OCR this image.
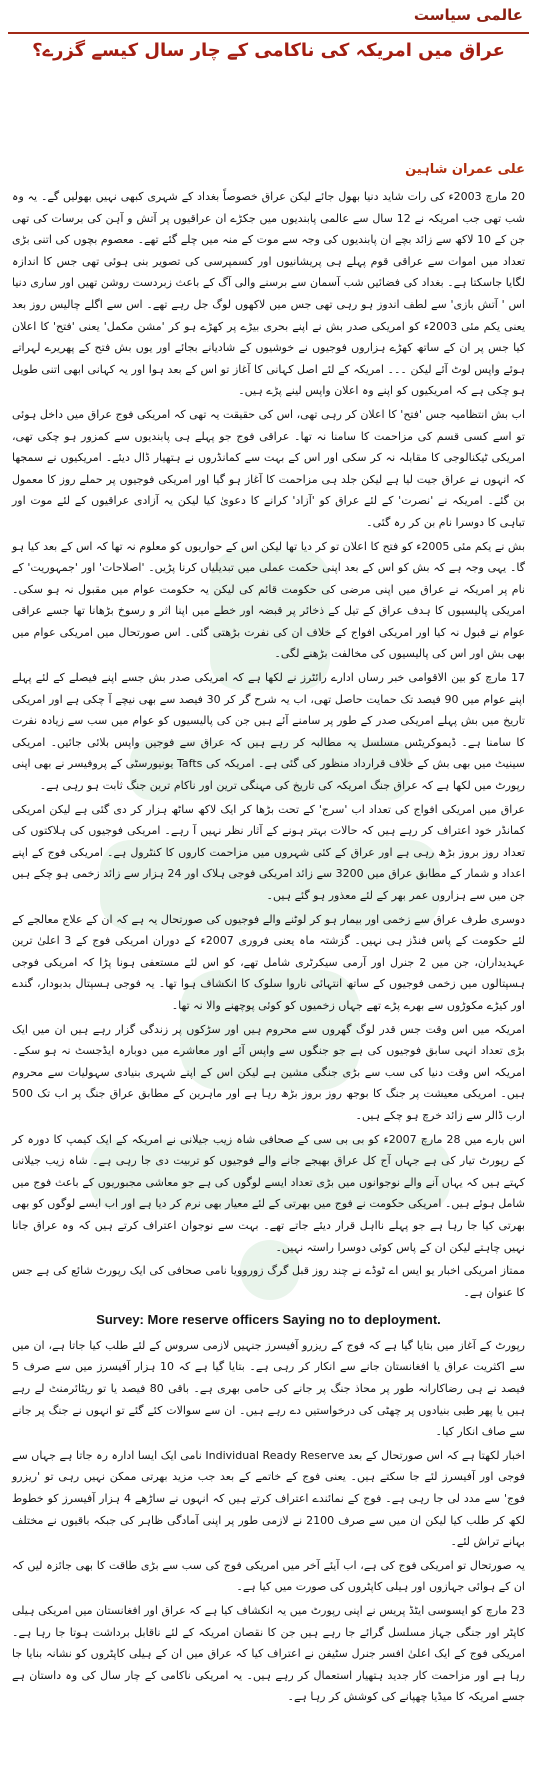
عالمی سیاست
عراق میں امریکہ کی ناکامی کے چار سال کیسے گزرے؟
علی عمران شاہین

20 مارچ 2003ء کی رات شاید دنیا بھول جائے لیکن عراق خصوصاً بغداد کے شہری کبھی نہیں بھولیں گے۔ یہ وہ شب تھی جب امریکہ نے 12 سال سے عالمی پابندیوں میں جکڑے ان عراقیوں پر آتش و آہن کی برسات کی تھی جن کے 10 لاکھ سے زائد بچے ان پابندیوں کی وجہ سے موت کے منہ میں چلے گئے تھے۔ معصوم بچوں کی اتنی بڑی تعداد میں اموات سے عراقی قوم پہلے ہی پریشانیوں اور کسمپرسی کی تصویر بنی ہوئی تھی جس کا اندازہ لگایا جاسکتا ہے۔ بغداد کی فضائیں شب آسمان سے برسنے والی آگ کے باعث زبردست روشن تھیں اور ساری دنیا اس ' آتش بازی' سے لطف اندوز ہو رہی تھی جس میں لاکھوں لوگ جل رہے تھے۔ اس سے اگلے چالیس روز بعد یعنی یکم مئی 2003ء کو امریکی صدر بش نے اپنے بحری بیڑے پر کھڑے ہو کر 'مشن مکمل' یعنی 'فتح' کا اعلان کیا جس پر ان کے ساتھ کھڑے ہزاروں فوجیوں نے خوشیوں کے شادیانے بجائے اور یوں بش فتح کے پھریرے لہراتے ہوئے واپس لوٹ آئے لیکن ۔۔۔ امریکہ کے لئے اصل کہانی کا آغاز تو اس کے بعد ہوا اور یہ کہانی ابھی اتنی طویل ہو چکی ہے کہ امریکیوں کو اپنے وہ اعلان واپس لینے پڑے ہیں۔

اب بش انتظامیہ جس 'فتح' کا اعلان کر رہی تھی، اس کی حقیقت یہ تھی کہ امریکی فوج عراق میں داخل ہوئی تو اسے کسی قسم کی مزاحمت کا سامنا نہ تھا۔ عراقی فوج جو پہلے ہی پابندیوں سے کمزور ہو چکی تھی، امریکی ٹیکنالوجی کا مقابلہ نہ کر سکی اور اس کے بہت سے کمانڈروں نے ہتھیار ڈال دیئے۔ امریکیوں نے سمجھا کہ انہوں نے عراق جیت لیا ہے لیکن جلد ہی مزاحمت کا آغاز ہو گیا اور امریکی فوجیوں پر حملے روز کا معمول بن گئے۔ امریکہ نے 'نصرت' کے لئے عراق کو 'آزاد' کرانے کا دعویٰ کیا لیکن یہ آزادی عراقیوں کے لئے موت اور تباہی کا دوسرا نام بن کر رہ گئی۔

بش نے یکم مئی 2005ء کو فتح کا اعلان تو کر دیا تھا لیکن اس کے حواریوں کو معلوم نہ تھا کہ اس کے بعد کیا ہو گا۔ یہی وجہ ہے کہ بش کو اس کے بعد اپنی حکمت عملی میں تبدیلیاں کرنا پڑیں۔ 'اصلاحات' اور 'جمہوریت' کے نام پر امریکہ نے عراق میں اپنی مرضی کی حکومت قائم کی لیکن یہ حکومت عوام میں مقبول نہ ہو سکی۔ امریکی پالیسیوں کا ہدف عراق کے تیل کے ذخائر پر قبضہ اور خطے میں اپنا اثر و رسوخ بڑھانا تھا جسے عراقی عوام نے قبول نہ کیا اور امریکی افواج کے خلاف ان کی نفرت بڑھتی گئی۔ اس صورتحال میں امریکی عوام میں بھی بش اور اس کی پالیسیوں کی مخالفت بڑھنے لگی۔

17 مارچ کو بین الاقوامی خبر رساں ادارے رائٹرز نے لکھا ہے کہ امریکی صدر بش جسے اپنے فیصلے کے لئے پہلے اپنے عوام میں 90 فیصد تک حمایت حاصل تھی، اب یہ شرح گر کر 30 فیصد سے بھی نیچے آ چکی ہے اور امریکی تاریخ میں بش پہلے امریکی صدر کے طور پر سامنے آئے ہیں جن کی پالیسیوں کو عوام میں سب سے زیادہ نفرت کا سامنا ہے۔ ڈیموکریٹس مسلسل یہ مطالبہ کر رہے ہیں کہ عراق سے فوجیں واپس بلائی جائیں۔ امریکی سینیٹ میں بھی بش کے خلاف قرارداد منظور کی گئی ہے۔ امریکہ کی Tafts یونیورسٹی کے پروفیسر نے بھی اپنی رپورٹ میں لکھا ہے کہ عراق جنگ امریکہ کی تاریخ کی مہنگی ترین اور ناکام ترین جنگ ثابت ہو رہی ہے۔

عراق میں امریکی افواج کی تعداد اب 'سرج' کے تحت بڑھا کر ایک لاکھ ساٹھ ہزار کر دی گئی ہے لیکن امریکی کمانڈر خود اعتراف کر رہے ہیں کہ حالات بہتر ہونے کے آثار نظر نہیں آ رہے۔ امریکی فوجیوں کی ہلاکتوں کی تعداد روز بروز بڑھ رہی ہے اور عراق کے کئی شہروں میں مزاحمت کاروں کا کنٹرول ہے۔ امریکی فوج کے اپنے اعداد و شمار کے مطابق عراق میں 3200 سے زائد امریکی فوجی ہلاک اور 24 ہزار سے زائد زخمی ہو چکے ہیں جن میں سے ہزاروں عمر بھر کے لئے معذور ہو گئے ہیں۔

دوسری طرف عراق سے زخمی اور بیمار ہو کر لوٹنے والے فوجیوں کی صورتحال یہ ہے کہ ان کے علاج معالجے کے لئے حکومت کے پاس فنڈز ہی نہیں۔ گزشتہ ماہ یعنی فروری 2007ء کے دوران امریکی فوج کے 3 اعلیٰ ترین عہدیداران، جن میں 2 جنرل اور آرمی سیکرٹری شامل تھے، کو اس لئے مستعفی ہونا پڑا کہ امریکی فوجی ہسپتالوں میں زخمی فوجیوں کے ساتھ انتہائی ناروا سلوک کا انکشاف ہوا تھا۔ یہ فوجی ہسپتال بدبودار، گندے اور کیڑے مکوڑوں سے بھرے پڑے تھے جہاں زخمیوں کو کوئی پوچھنے والا نہ تھا۔

امریکہ میں اس وقت جس قدر لوگ گھروں سے محروم ہیں اور سڑکوں پر زندگی گزار رہے ہیں ان میں ایک بڑی تعداد انہی سابق فوجیوں کی ہے جو جنگوں سے واپس آئے اور معاشرے میں دوبارہ ایڈجسٹ نہ ہو سکے۔ امریکہ اس وقت دنیا کی سب سے بڑی جنگی مشین ہے لیکن اس کے اپنے شہری بنیادی سہولیات سے محروم ہیں۔ امریکی معیشت پر جنگ کا بوجھ روز بروز بڑھ رہا ہے اور ماہرین کے مطابق عراق جنگ پر اب تک 500 ارب ڈالر سے زائد خرچ ہو چکے ہیں۔

اس بارے میں 28 مارچ 2007ء کو بی بی سی کے صحافی شاہ زیب جیلانی نے امریکہ کے ایک کیمپ کا دورہ کر کے رپورٹ تیار کی ہے جہاں آج کل عراق بھیجے جانے والے فوجیوں کو تربیت دی جا رہی ہے۔ شاہ زیب جیلانی کہتے ہیں کہ یہاں آنے والے نوجوانوں میں بڑی تعداد ایسے لوگوں کی ہے جو معاشی مجبوریوں کے باعث فوج میں شامل ہوئے ہیں۔ امریکی حکومت نے فوج میں بھرتی کے لئے معیار بھی نرم کر دیا ہے اور اب ایسے لوگوں کو بھی بھرتی کیا جا رہا ہے جو پہلے نااہل قرار دیئے جاتے تھے۔ بہت سے نوجوان اعتراف کرتے ہیں کہ وہ عراق جانا نہیں چاہتے لیکن ان کے پاس کوئی دوسرا راستہ نہیں۔

ممتاز امریکی اخبار یو ایس اے ٹوڈے نے چند روز قبل گرگ زوروویا نامی صحافی کی ایک رپورٹ شائع کی ہے جس کا عنوان ہے۔

Survey: More reserve officers Saying no to deployment.

رپورٹ کے آغاز میں بتایا گیا ہے کہ فوج کے ریزرو آفیسرز جنہیں لازمی سروس کے لئے طلب کیا جاتا ہے، ان میں سے اکثریت عراق یا افغانستان جانے سے انکار کر رہی ہے۔ بتایا گیا ہے کہ 10 ہزار آفیسرز میں سے صرف 5 فیصد نے ہی رضاکارانہ طور پر محاذ جنگ پر جانے کی حامی بھری ہے۔ باقی 80 فیصد یا تو ریٹائرمنٹ لے رہے ہیں یا پھر طبی بنیادوں پر چھٹی کی درخواستیں دے رہے ہیں۔ ان سے سوالات کئے گئے تو انہوں نے جنگ پر جانے سے صاف انکار کیا۔

اخبار لکھتا ہے کہ اس صورتحال کے بعد Individual Ready Reserve نامی ایک ایسا ادارہ رہ جاتا ہے جہاں سے فوجی اور آفیسرز لئے جا سکتے ہیں۔ یعنی فوج کے خاتمے کے بعد جب مزید بھرتی ممکن نہیں رہی تو 'ریزرو فوج' سے مدد لی جا رہی ہے۔ فوج کے نمائندے اعتراف کرتے ہیں کہ انہوں نے ساڑھے 4 ہزار آفیسرز کو خطوط لکھ کر طلب کیا لیکن ان میں سے صرف 2100 نے لازمی طور پر اپنی آمادگی ظاہر کی جبکہ باقیوں نے مختلف بہانے تراش لئے۔

یہ صورتحال تو امریکی فوج کی ہے، اب آیئے آخر میں امریکی فوج کی سب سے بڑی طاقت کا بھی جائزہ لیں کہ ان کے ہوائی جہازوں اور ہیلی کاپٹروں کی صورت میں کیا ہے۔

23 مارچ کو ایسوسی ایٹڈ پریس نے اپنی رپورٹ میں یہ انکشاف کیا ہے کہ عراق اور افغانستان میں امریکی ہیلی کاپٹر اور جنگی جہاز مسلسل گرائے جا رہے ہیں جن کا نقصان امریکہ کے لئے ناقابل برداشت ہوتا جا رہا ہے۔ امریکی فوج کے ایک اعلیٰ افسر جنرل سٹیفن نے اعتراف کیا کہ عراق میں ان کے ہیلی کاپٹروں کو نشانہ بنایا جا رہا ہے اور مزاحمت کار جدید ہتھیار استعمال کر رہے ہیں۔ یہ امریکی ناکامی کے چار سال کی وہ داستان ہے جسے امریکہ کا میڈیا چھپانے کی کوشش کر رہا ہے۔
